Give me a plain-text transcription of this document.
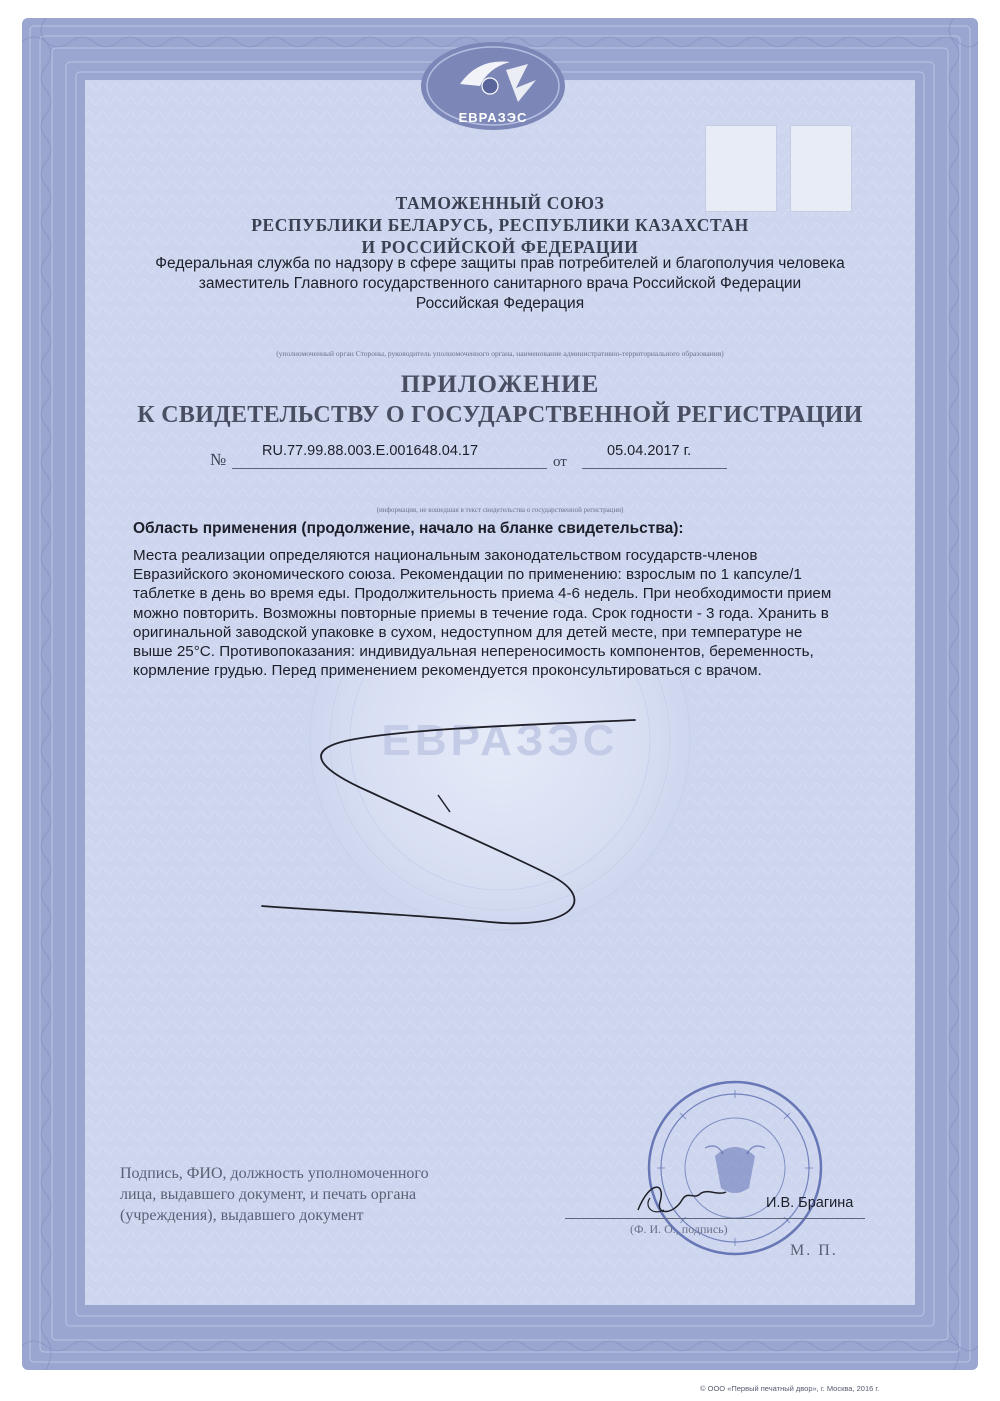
ЕВРАЗЭС
ЕВРАЗЭС
ТАМОЖЕННЫЙ СОЮЗ
РЕСПУБЛИКИ БЕЛАРУСЬ, РЕСПУБЛИКИ КАЗАХСТАН
И РОССИЙСКОЙ ФЕДЕРАЦИИ
Федеральная служба по надзору в сфере защиты прав потребителей и благополучия человека
заместитель Главного государственного санитарного врача Российской Федерации
Российская Федерация
(уполномоченный орган Стороны, руководитель уполномоченного органа, наименование административно-территориального образования)
ПРИЛОЖЕНИЕ
К СВИДЕТЕЛЬСТВУ О ГОСУДАРСТВЕННОЙ РЕГИСТРАЦИИ
№ RU.77.99.88.003.E.001648.04.17
от
05.04.2017 г.
(информация, не вошедшая в текст свидетельства о государственной регистрации)
Область применения (продолжение, начало на бланке свидетельства):
Места реализации определяются национальным законодательством государств-членов
Евразийского экономического союза. Рекомендации по применению: взрослым по 1 капсуле/1
таблетке в день во время еды. Продолжительность приема 4-6 недель. При необходимости прием
можно повторить. Возможны повторные приемы в течение года. Срок годности - 3 года. Хранить в
оригинальной заводской упаковке в сухом, недоступном для детей месте, при температуре не
выше 25°С. Противопоказания: индивидуальная непереносимость компонентов, беременность,
кормление грудью. Перед применением рекомендуется проконсультироваться с врачом.
Подпись, ФИО, должность уполномоченного
лица, выдавшего документ, и печать органа
(учреждения), выдавшего документ
И.В. Брагина
(Ф. И. О., подпись)
М. П.
© ООО «Первый печатный двор», г. Москва, 2016 г.
